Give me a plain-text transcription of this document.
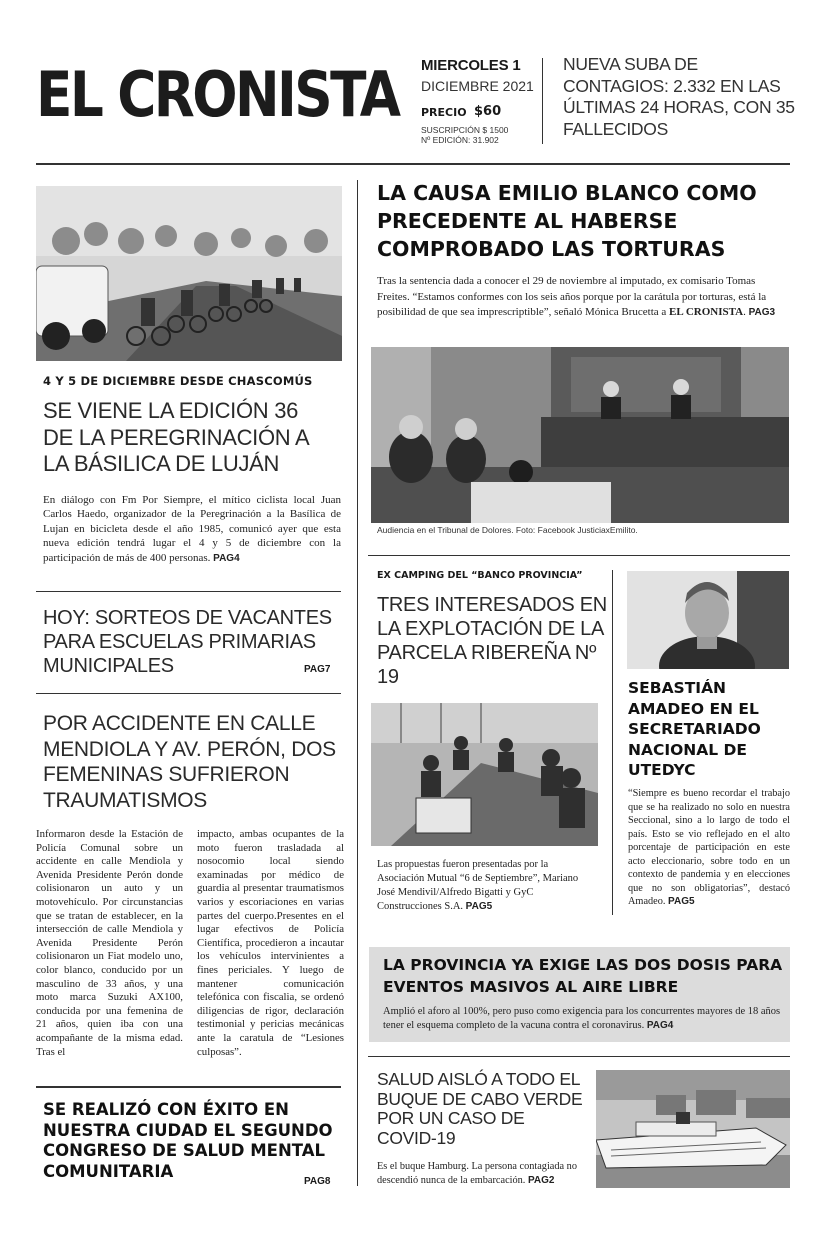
EL CRONISTA MIERCOLES 1
DICIEMBRE 2021
PRECIO $60
SUSCRIPCIÓN $ 1500
Nº EDICIÓN: 31.902
NUEVA SUBA DE CONTAGIOS: 2.332 EN LAS ÚLTIMAS 24 HORAS, CON 35 FALLECIDOS
4 Y 5 DE DICIEMBRE DESDE CHASCOMÚS
SE VIENE LA EDICIÓN 36 DE LA PEREGRINACIÓN A LA BÁSILICA DE LUJÁN
En diálogo con Fm Por Siempre, el mítico ciclista local Juan Carlos Haedo, organizador de la Peregrinación a la Basílica de Lujan en bicicleta desde el año 1985, comunicó ayer que esta nueva edición tendrá lugar el 4 y 5 de diciembre con la participación de más de 400 personas. PAG4
HOY: SORTEOS DE VACANTES PARA ESCUELAS PRIMARIAS MUNICIPALES	PAG7
POR ACCIDENTE EN CALLE MENDIOLA Y AV. PERÓN, DOS FEMENINAS SUFRIERON TRAUMATISMOS
Informaron desde la Estación de Policía Comunal sobre un accidente en calle Mendiola y Avenida Presidente Perón donde colisionaron un auto y un motovehículo. Por circunstancias que se tratan de establecer, en la intersección de calle Mendiola y Avenida Presidente Perón colisionaron un Fiat modelo uno, color blanco, conducido por un masculino de 33 años, y una moto marca Suzuki AX100, conducida por una femenina de 21 años, quien iba con una acompañante de la misma edad. Tras el
impacto, ambas ocupantes de la moto fueron trasladada al nosocomio local siendo examinadas por médico de guardia al presentar traumatismos varios y escoriaciones en varias partes del cuerpo.Presentes en el lugar efectivos de Policía Científica, procedieron a incautar los vehículos intervinientes a fines periciales. Y luego de mantener comunicación telefónica con fiscalia, se ordenó diligencias de rigor, declaración testimonial y pericias mecánicas ante la caratula de “Lesiones culposas”.
SE REALIZÓ CON ÉXITO EN NUESTRA CIUDAD EL SEGUNDO CONGRESO DE SALUD MENTAL COMUNITARIA
PAG8
LA CAUSA EMILIO BLANCO COMO PRECEDENTE AL HABERSE COMPROBADO LAS TORTURAS
Tras la sentencia dada a conocer el 29 de noviembre al imputado, ex comisario Tomas Freites. “Estamos conformes con los seis años porque por la carátula por torturas, está la posibilidad de que sea imprescriptible”, señaló Mónica Brucetta a EL CRONISTA. PAG3
Audiencia en el Tribunal de Dolores. Foto: Facebook JusticiaxEmilito.
EX CAMPING DEL “BANCO PROVINCIA”
TRES INTERESADOS EN LA EXPLOTACIÓN DE LA PARCELA RIBEREÑA Nº 19
Las propuestas fueron presentadas por la Asociación Mutual “6 de Septiembre”, Mariano José Mendivil/Alfredo Bigatti y GyC Construcciones S.A. PAG5
SEBASTIÁN AMADEO EN EL SECRETARIADO NACIONAL DE UTEDYC
“Siempre es bueno recordar el trabajo que se ha realizado no solo en nuestra Seccional, sino a lo largo de todo el país. Esto se vio reflejado en el alto porcentaje de participación en este acto eleccionario, sobre todo en un contexto de pandemia y en elecciones que no son obligatorias”, destacó Amadeo. PAG5
LA PROVINCIA YA EXIGE LAS DOS DOSIS PARA EVENTOS MASIVOS AL AIRE LIBRE
Amplió el aforo al 100%, pero puso como exigencia para los concurrentes mayores de 18 años tener el esquema completo de la vacuna contra el coronavirus. PAG4
SALUD AISLÓ A TODO EL BUQUE DE CABO VERDE POR UN CASO DE COVID-19
Es el buque Hamburg. La persona contagiada no descendió nunca de la embarcación. PAG2
